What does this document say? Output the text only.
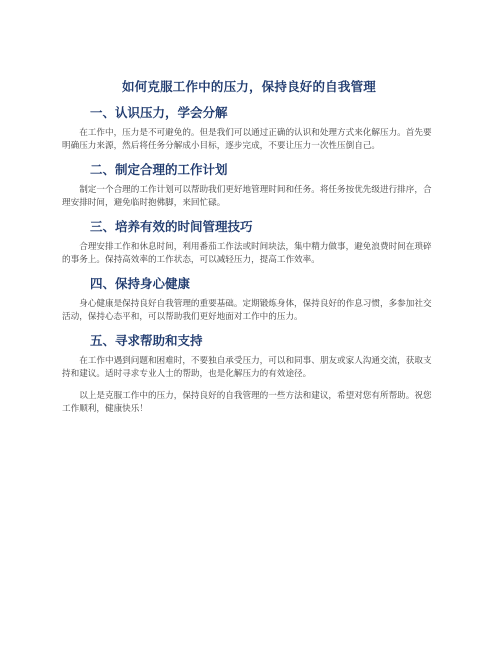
如何克服工作中的压力，保持良好的自我管理
一、认识压力，学会分解

在工作中，压力是不可避免的。但是我们可以通过正确的认识和处理方式来化解压力。首先要明确压力来源，然后将任务分解成小目标，逐步完成，不要让压力一次性压倒自己。

二、制定合理的工作计划

制定一个合理的工作计划可以帮助我们更好地管理时间和任务。将任务按优先级进行排序，合理安排时间，避免临时抱佛脚，来回忙碌。

三、培养有效的时间管理技巧

合理安排工作和休息时间，利用番茄工作法或时间块法，集中精力做事，避免浪费时间在琐碎的事务上。保持高效率的工作状态，可以减轻压力，提高工作效率。

四、保持身心健康

身心健康是保持良好自我管理的重要基础。定期锻炼身体，保持良好的作息习惯，多参加社交活动，保持心态平和，可以帮助我们更好地面对工作中的压力。

五、寻求帮助和支持

在工作中遇到问题和困难时，不要独自承受压力，可以和同事、朋友或家人沟通交流，获取支持和建议。适时寻求专业人士的帮助，也是化解压力的有效途径。

以上是克服工作中的压力，保持良好的自我管理的一些方法和建议，希望对您有所帮助。祝您工作顺利，健康快乐！
